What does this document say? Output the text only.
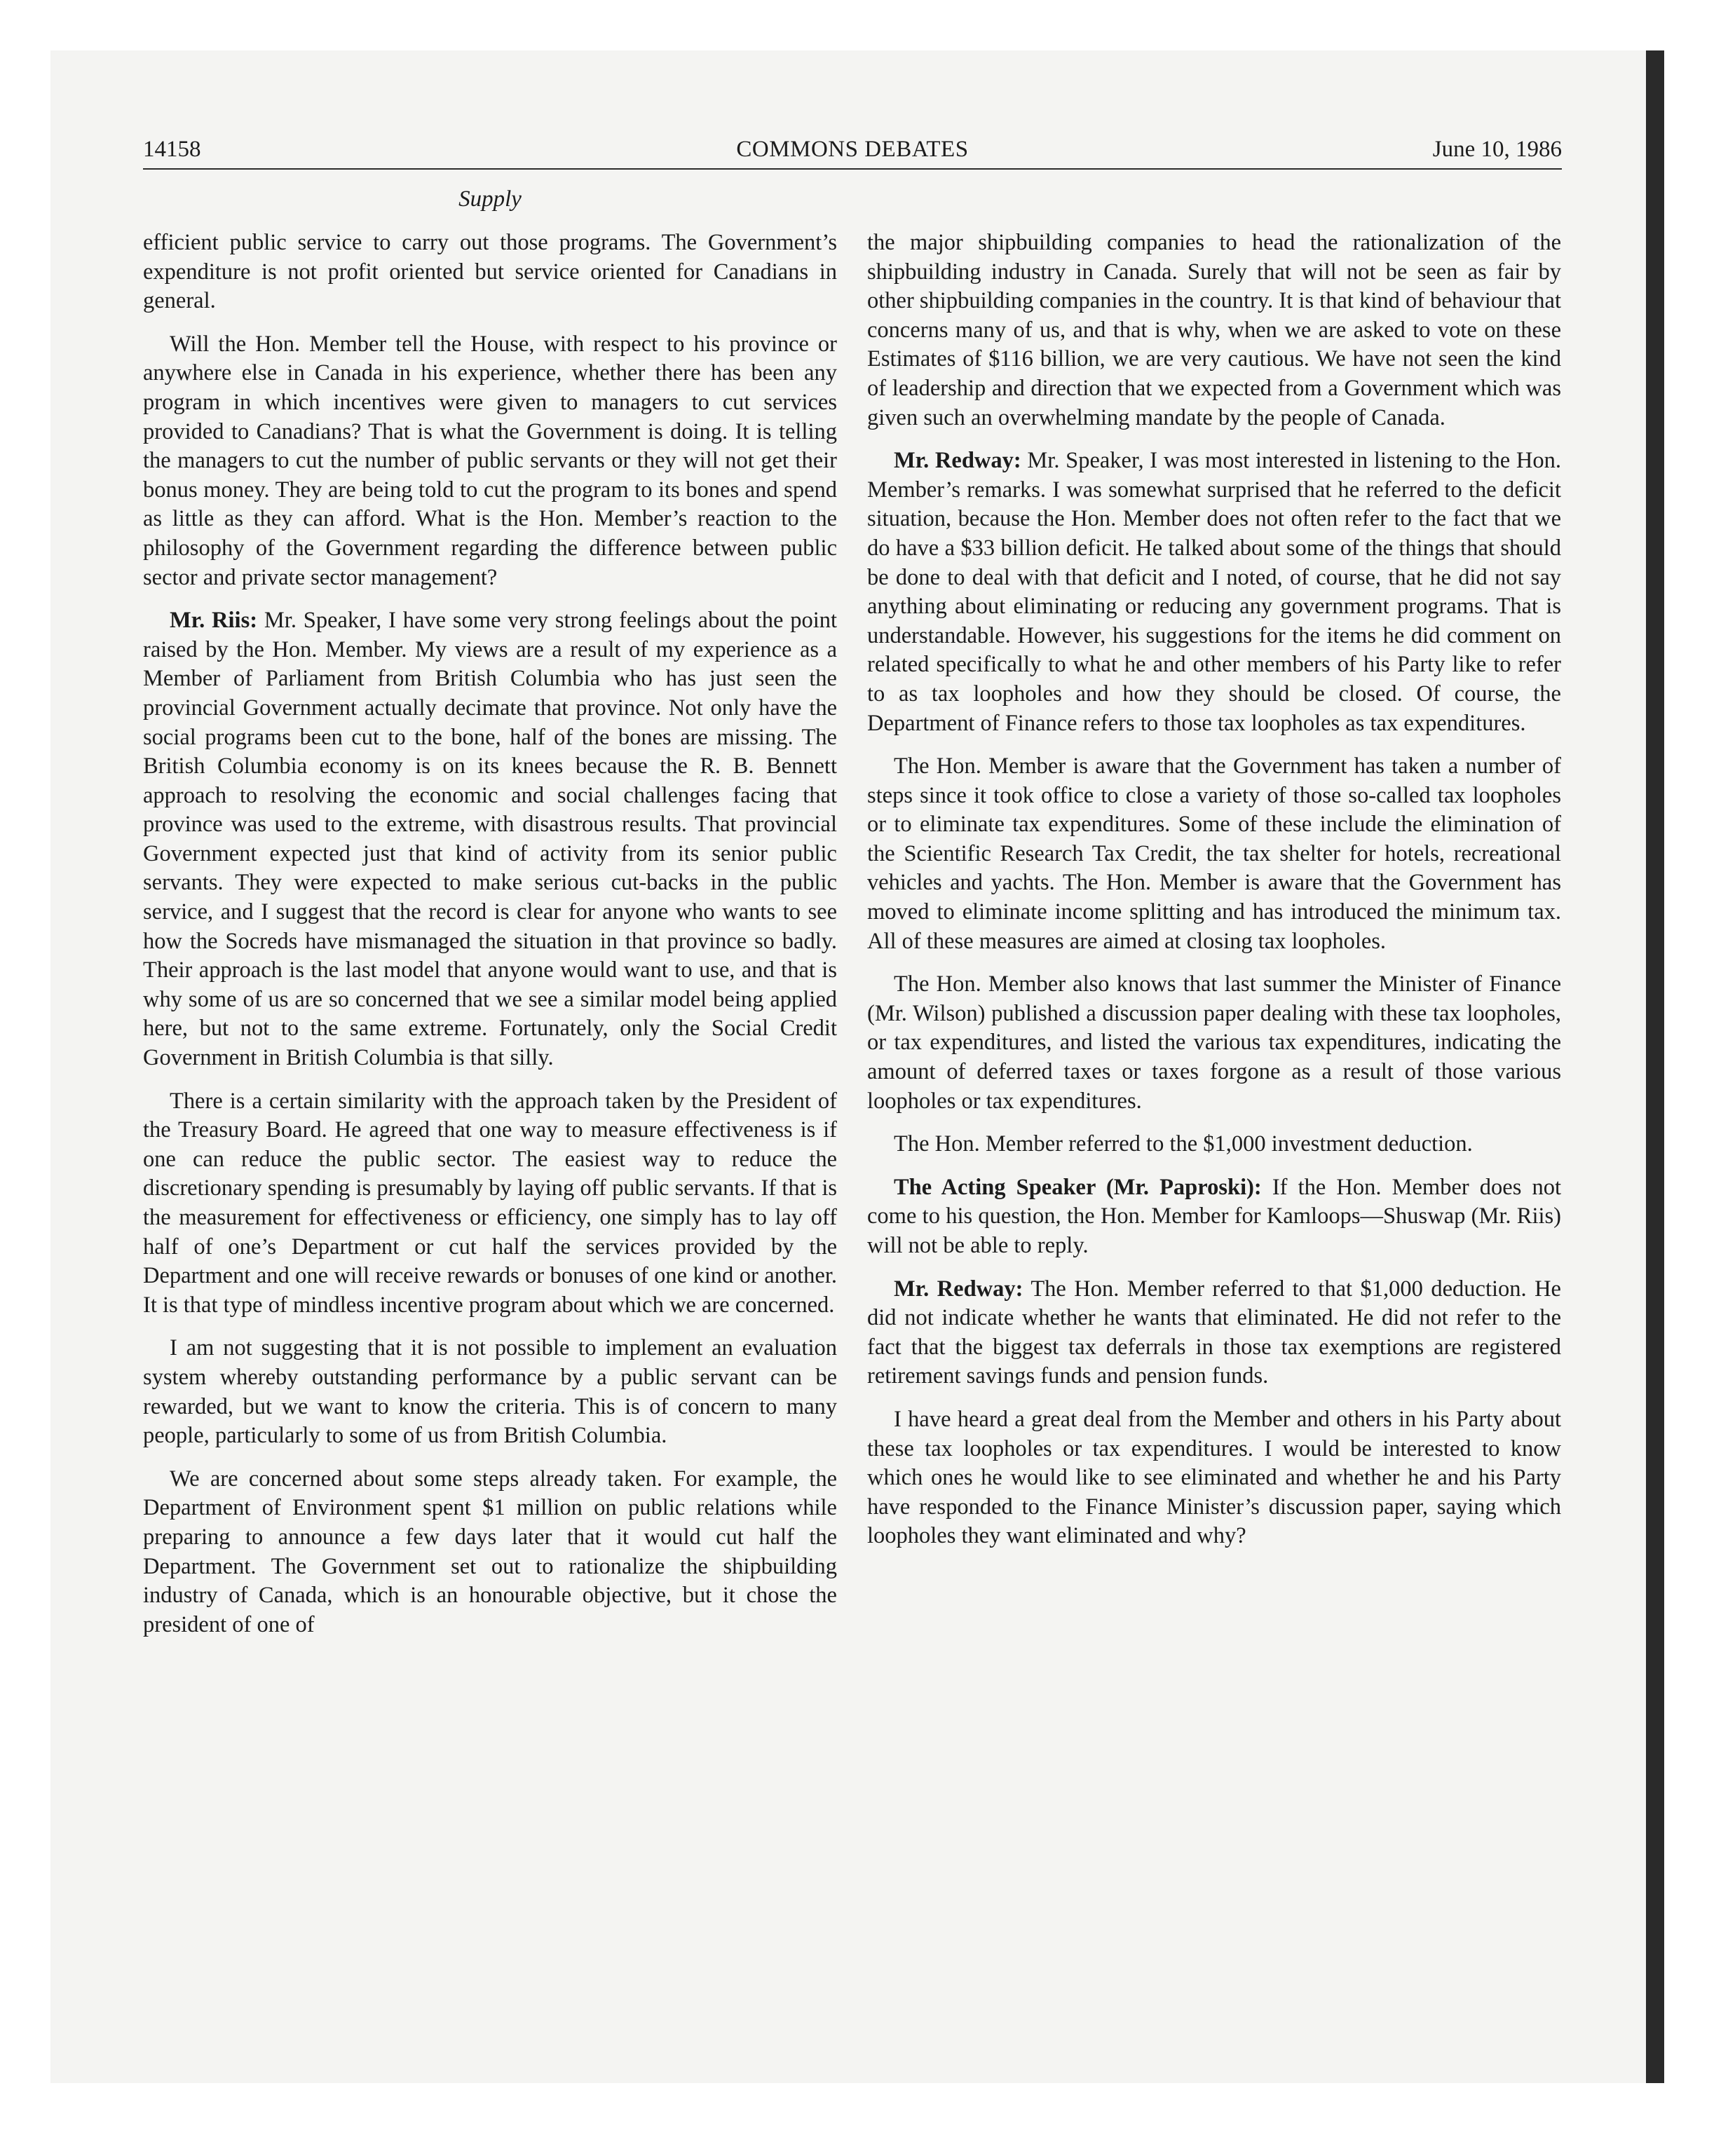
14158	COMMONS DEBATES	June 10, 1986
Supply

efficient public service to carry out those programs. The Government’s expenditure is not profit oriented but service oriented for Canadians in general.

Will the Hon. Member tell the House, with respect to his province or anywhere else in Canada in his experience, whether there has been any program in which incentives were given to managers to cut services provided to Canadians? That is what the Government is doing. It is telling the managers to cut the number of public servants or they will not get their bonus money. They are being told to cut the program to its bones and spend as little as they can afford. What is the Hon. Member’s reaction to the philosophy of the Government regarding the difference between public sector and private sector management?

Mr. Riis: Mr. Speaker, I have some very strong feelings about the point raised by the Hon. Member. My views are a result of my experience as a Member of Parliament from British Columbia who has just seen the provincial Government actually decimate that province. Not only have the social programs been cut to the bone, half of the bones are missing. The British Columbia economy is on its knees because the R. B. Bennett approach to resolving the economic and social challenges facing that province was used to the extreme, with disastrous results. That provincial Government expected just that kind of activity from its senior public servants. They were expected to make serious cut-backs in the public service, and I suggest that the record is clear for anyone who wants to see how the Socreds have mismanaged the situation in that province so badly. Their approach is the last model that anyone would want to use, and that is why some of us are so concerned that we see a similar model being applied here, but not to the same extreme. Fortunately, only the Social Credit Government in British Columbia is that silly.

There is a certain similarity with the approach taken by the President of the Treasury Board. He agreed that one way to measure effectiveness is if one can reduce the public sector. The easiest way to reduce the discretionary spending is presumably by laying off public servants. If that is the measurement for effectiveness or efficiency, one simply has to lay off half of one’s Department or cut half the services provided by the Department and one will receive rewards or bonuses of one kind or another. It is that type of mindless incentive program about which we are concerned.

I am not suggesting that it is not possible to implement an evaluation system whereby outstanding performance by a public servant can be rewarded, but we want to know the criteria. This is of concern to many people, particularly to some of us from British Columbia.

We are concerned about some steps already taken. For example, the Department of Environment spent $1 million on public relations while preparing to announce a few days later that it would cut half the Department. The Government set out to rationalize the shipbuilding industry of Canada, which is an honourable objective, but it chose the president of one of

the major shipbuilding companies to head the rationalization of the shipbuilding industry in Canada. Surely that will not be seen as fair by other shipbuilding companies in the country. It is that kind of behaviour that concerns many of us, and that is why, when we are asked to vote on these Estimates of $116 billion, we are very cautious. We have not seen the kind of leadership and direction that we expected from a Government which was given such an overwhelming mandate by the people of Canada.

Mr. Redway: Mr. Speaker, I was most interested in listening to the Hon. Member’s remarks. I was somewhat surprised that he referred to the deficit situation, because the Hon. Member does not often refer to the fact that we do have a $33 billion deficit. He talked about some of the things that should be done to deal with that deficit and I noted, of course, that he did not say anything about eliminating or reducing any government programs. That is understandable. However, his suggestions for the items he did comment on related specifically to what he and other members of his Party like to refer to as tax loopholes and how they should be closed. Of course, the Department of Finance refers to those tax loopholes as tax expenditures.

The Hon. Member is aware that the Government has taken a number of steps since it took office to close a variety of those so-called tax loopholes or to eliminate tax expenditures. Some of these include the elimination of the Scientific Research Tax Credit, the tax shelter for hotels, recreational vehicles and yachts. The Hon. Member is aware that the Government has moved to eliminate income splitting and has introduced the minimum tax. All of these measures are aimed at closing tax loopholes.

The Hon. Member also knows that last summer the Minister of Finance (Mr. Wilson) published a discussion paper dealing with these tax loopholes, or tax expenditures, and listed the various tax expenditures, indicating the amount of deferred taxes or taxes forgone as a result of those various loopholes or tax expenditures.

The Hon. Member referred to the $1,000 investment deduction.

The Acting Speaker (Mr. Paproski): If the Hon. Member does not come to his question, the Hon. Member for Kamloops—Shuswap (Mr. Riis) will not be able to reply.

Mr. Redway: The Hon. Member referred to that $1,000 deduction. He did not indicate whether he wants that eliminated. He did not refer to the fact that the biggest tax deferrals in those tax exemptions are registered retirement savings funds and pension funds.

I have heard a great deal from the Member and others in his Party about these tax loopholes or tax expenditures. I would be interested to know which ones he would like to see eliminated and whether he and his Party have responded to the Finance Minister’s discussion paper, saying which loopholes they want eliminated and why?
